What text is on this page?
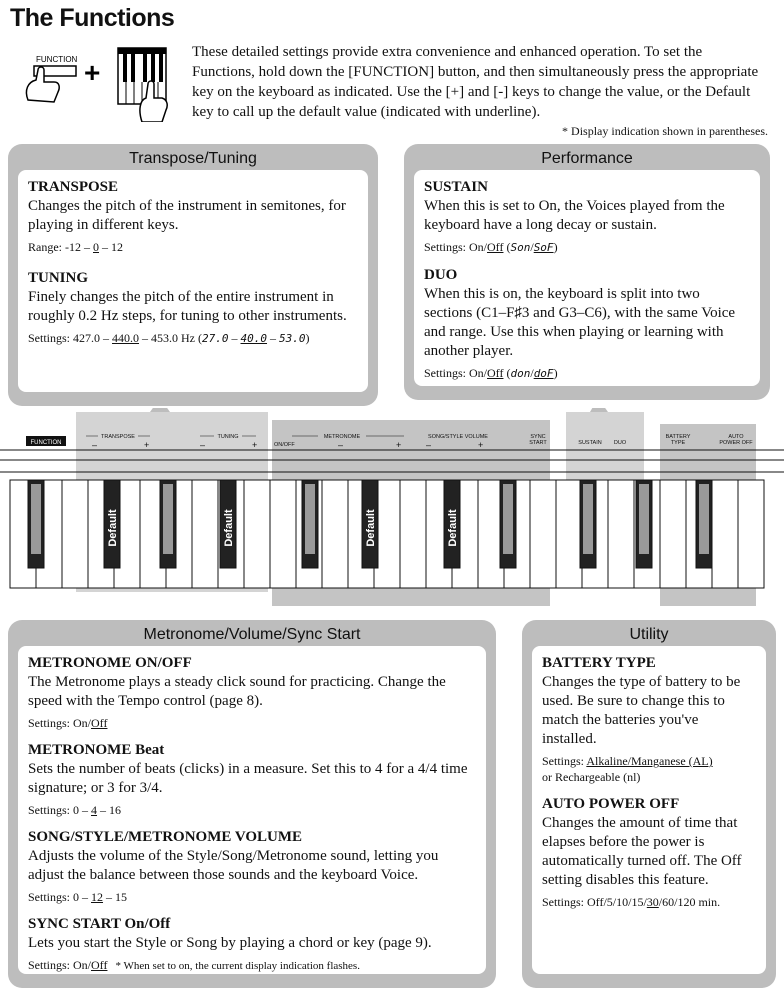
The Functions
FUNCTION +
These detailed settings provide extra convenience and enhanced operation. To set the Functions, hold down the [FUNCTION] button, and then simultaneously press the appropriate key on the keyboard as indicated. Use the [+] and [-] keys to change the value, or the Default key to call up the default value (indicated with underline).
* Display indication shown in parentheses.
Transpose/Tuning
TRANSPOSE
Changes the pitch of the instrument in semitones, for playing in different keys.
Range: -12 – 0 – 12
TUNING
Finely changes the pitch of the entire instrument in roughly 0.2 Hz steps, for tuning to other instruments.
Settings: 427.0 – 440.0 – 453.0 Hz (27.0 – 40.0 – 53.0)
Performance
SUSTAIN
When this is set to On, the Voices played from the keyboard have a long decay or sustain.
Settings: On/Off (Son/SoF)
DUO
When this is on, the keyboard is split into two sections (C1–F♯3 and G3–C6), with the same Voice and range. Use this when playing or learning with another player.
Settings: On/Off (don/doF)
FUNCTION
TRANSPOSE
–	+
TUNING
–	+
METRONOME
ON/OFF	–	+
SONG/STYLE VOLUME
–	+
SYNC
START	SUSTAIN DUO
BATTERY
TYPE
AUTO
POWER OFF
Default	Default	Default	Default
Metronome/Volume/Sync Start
METRONOME ON/OFF
The Metronome plays a steady click sound for practicing. Change the speed with the Tempo control (page 8).
Settings: On/Off
METRONOME Beat
Sets the number of beats (clicks) in a measure. Set this to 4 for a 4/4 time signature; or 3 for 3/4.
Settings: 0 – 4 – 16
SONG/STYLE/METRONOME VOLUME
Adjusts the volume of the Style/Song/Metronome sound, letting you adjust the balance between those sounds and the keyboard Voice.
Settings: 0 – 12 – 15
SYNC START On/Off
Lets you start the Style or Song by playing a chord or key (page 9).
Settings: On/Off * When set to on, the current display indication flashes.
Utility
BATTERY TYPE
Changes the type of battery to be used. Be sure to change this to match the batteries you've installed.
Settings: Alkaline/Manganese (AL)
or Rechargeable (nl)
AUTO POWER OFF
Changes the amount of time that elapses before the power is automatically turned off. The Off setting disables this feature.
Settings: Off/5/10/15/30/60/120 min.
